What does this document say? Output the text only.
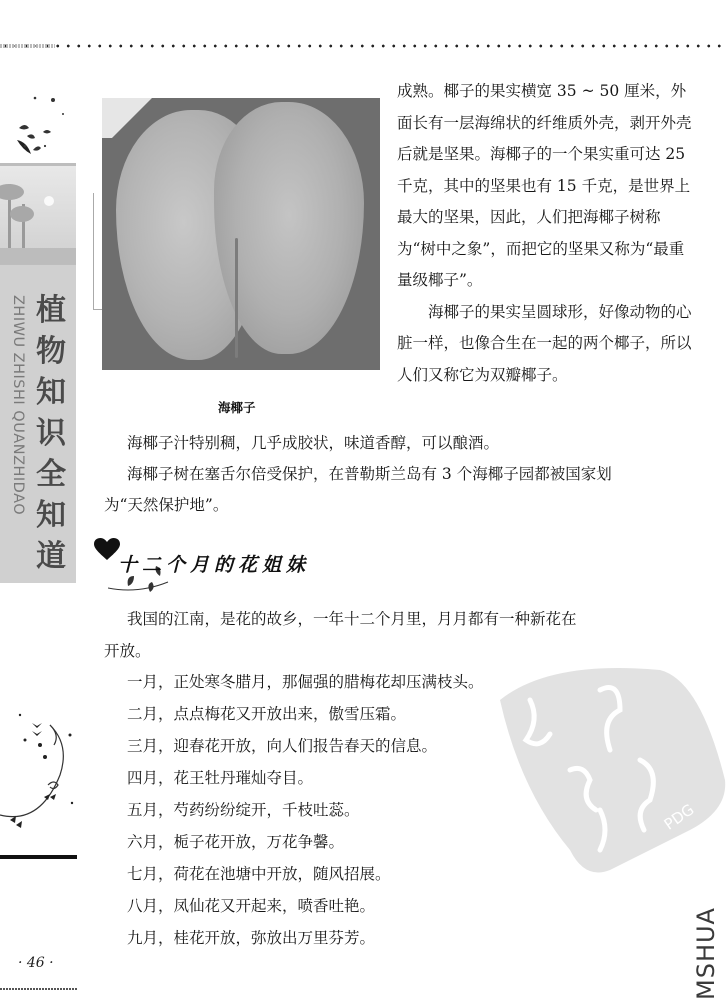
ZHIWU ZHISHI QUANZHIDAO 植
物
知
识
全
知
道
· 46 ·
海椰子

成熟。椰子的果实横宽 35 ~ 50 厘米，外面长有一层海绵状的纤维质外壳，剥开外壳后就是坚果。海椰子的一个果实重可达 25 千克，其中的坚果也有 15 千克，是世界上最大的坚果，因此，人们把海椰子树称为“树中之象”，而把它的坚果又称为“最重量级椰子”。

　　海椰子的果实呈圆球形，好像动物的心脏一样，也像合生在一起的两个椰子，所以人们又称它为双瓣椰子。

海椰子汁特别稠，几乎成胶状，味道香醇，可以酿酒。

海椰子树在塞舌尔倍受保护，在普勒斯兰岛有 3 个海椰子园都被国家划

为“天然保护地”。

十二个月的花姐妹

我国的江南，是花的故乡，一年十二个月里，月月都有一种新花在

开放。

PDG

一月，正处寒冬腊月，那倔强的腊梅花却压满枝头。

二月，点点梅花又开放出来，傲雪压霜。

三月，迎春花开放，向人们报告春天的信息。

四月，花王牡丹璀灿夺目。

五月，芍药纷纷绽开，千枝吐蕊。

六月，栀子花开放，万花争馨。

七月，荷花在池塘中开放，随风招展。

八月，凤仙花又开起来，喷香吐艳。

九月，桂花开放，弥放出万里芬芳。	MSHUA
